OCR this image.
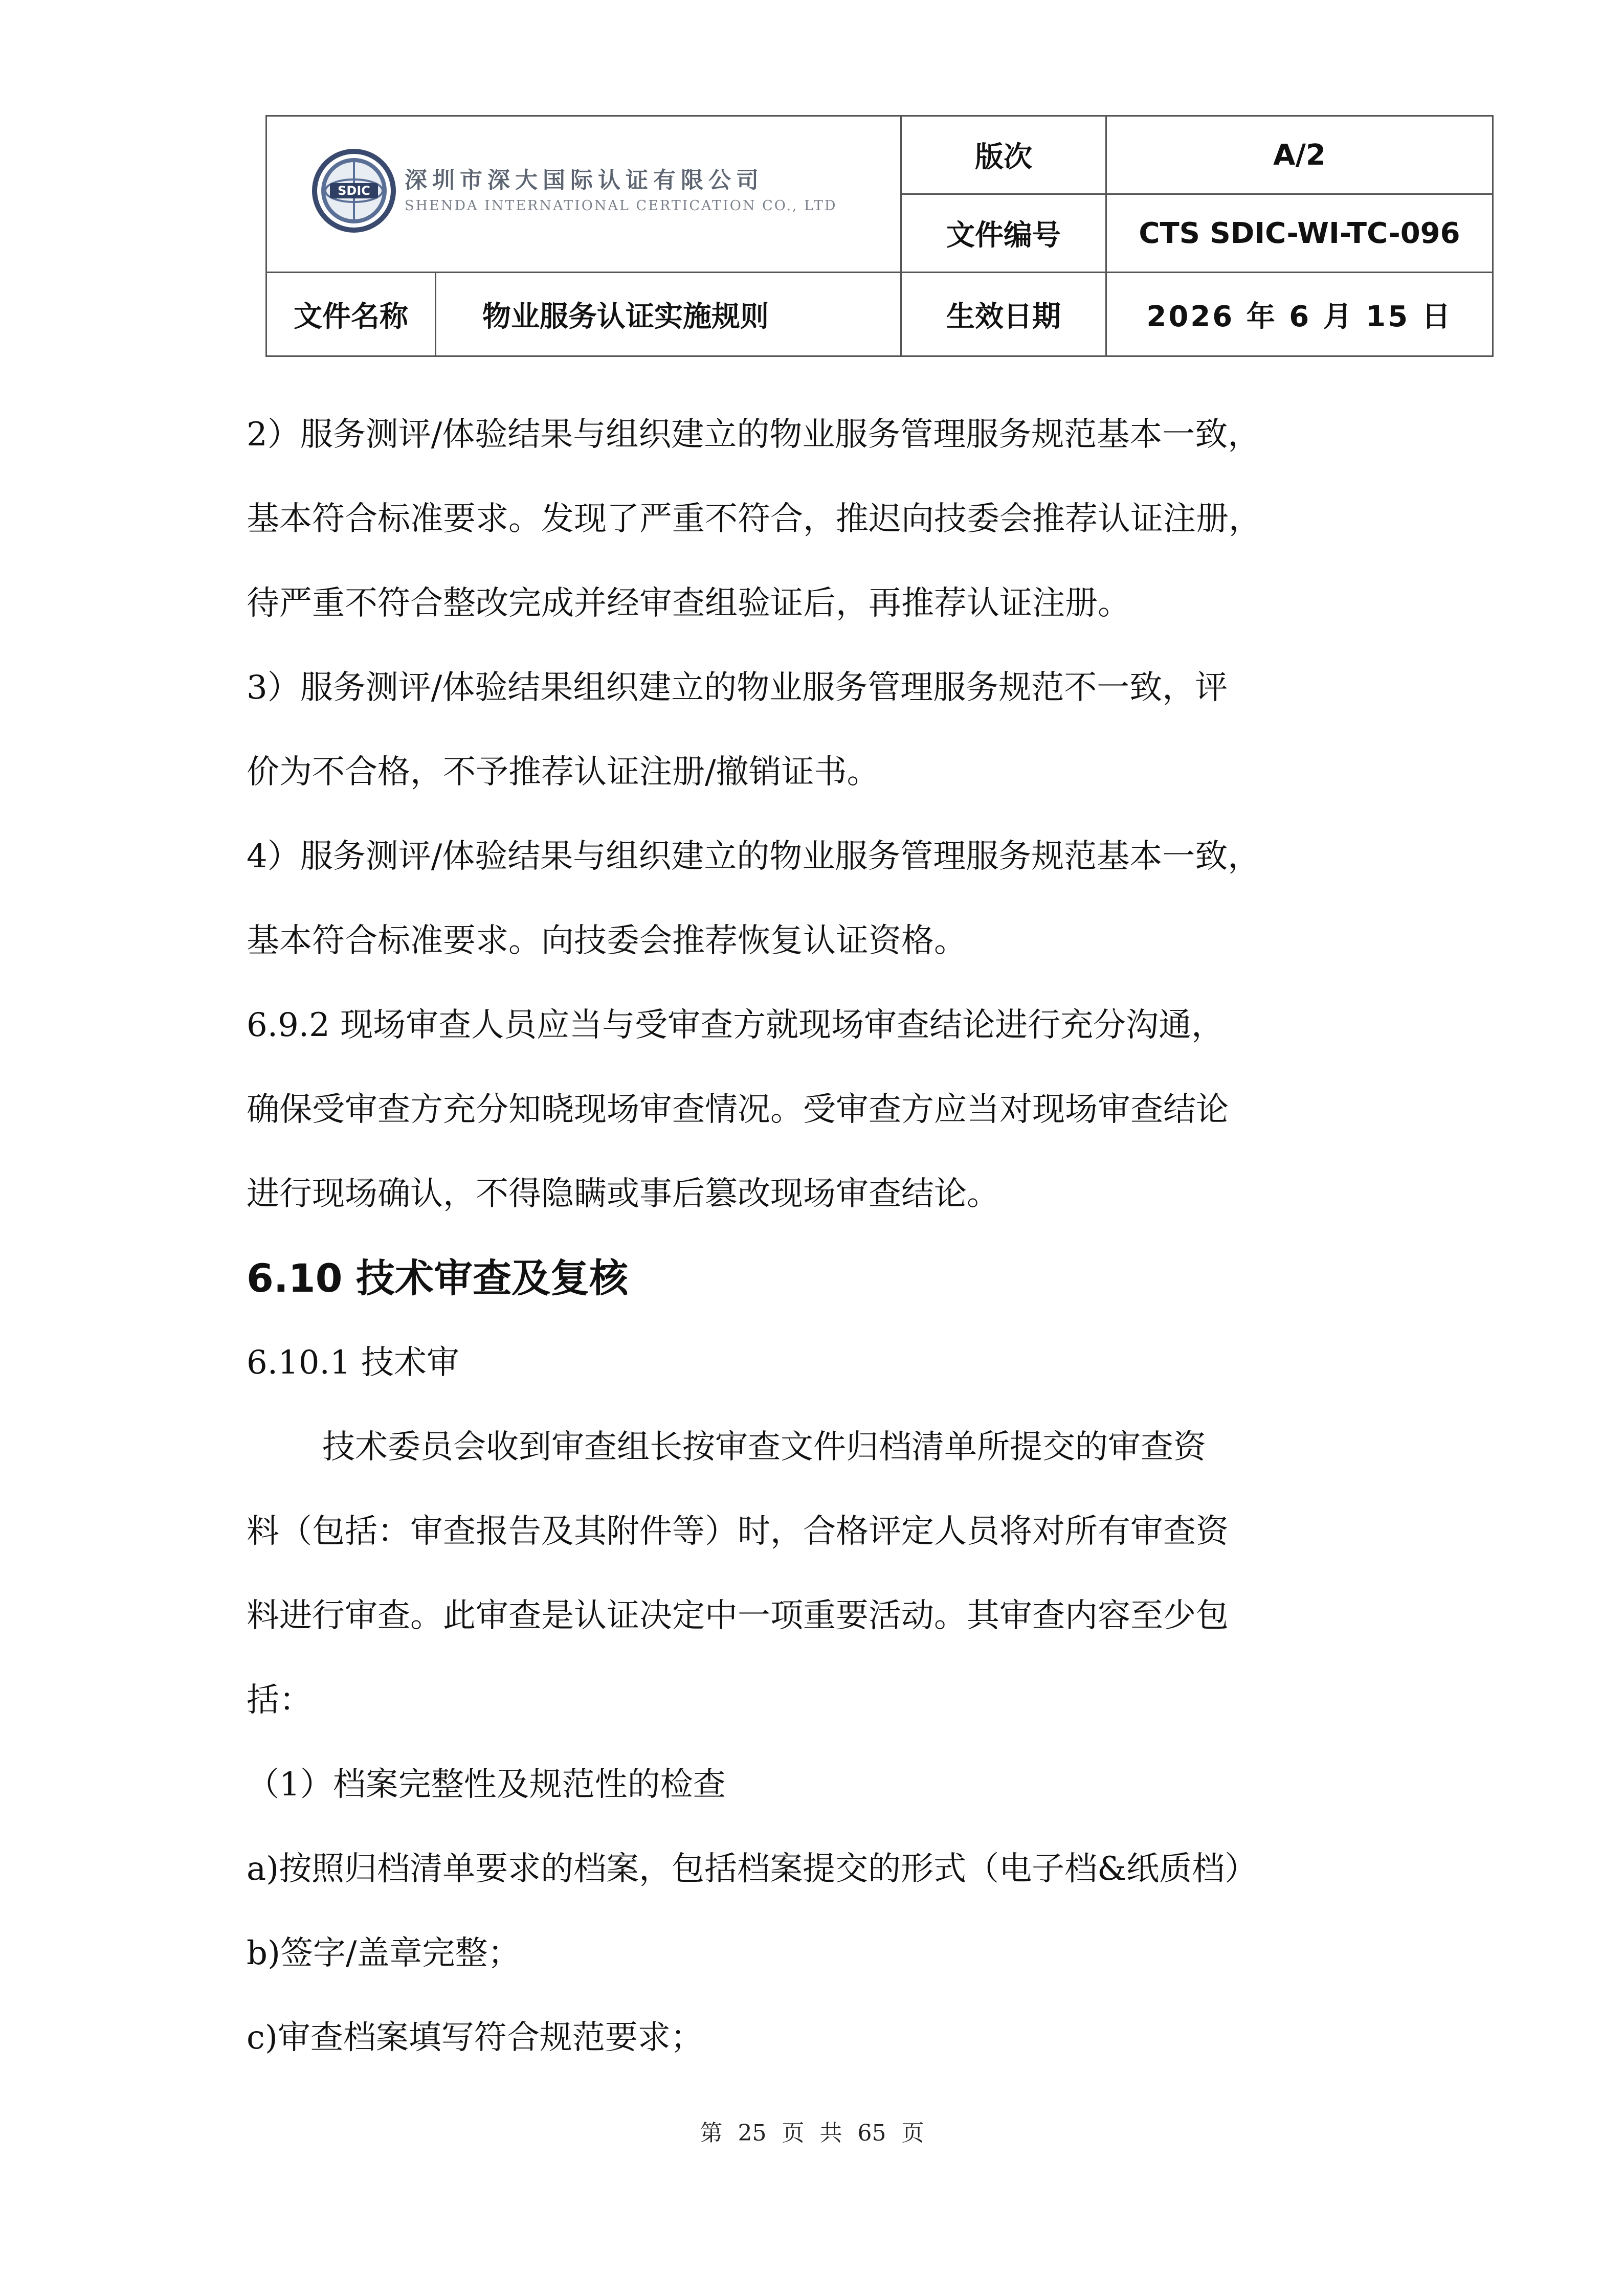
SDIC 深圳市深大国际认证有限公司
SHENDA INTERNATIONAL CERTICATION CO., LTD		版次	A/2
		文件编号	CTS SDIC-WI-TC-096
文件名称	物业服务认证实施规则	生效日期	2026 年 6 月 15 日

2）服务测评/体验结果与组织建立的物业服务管理服务规范基本一致，

基本符合标准要求。发现了严重不符合，推迟向技委会推荐认证注册，

待严重不符合整改完成并经审查组验证后，再推荐认证注册。

3）服务测评/体验结果组织建立的物业服务管理服务规范不一致，评

价为不合格，不予推荐认证注册/撤销证书。

4）服务测评/体验结果与组织建立的物业服务管理服务规范基本一致，

基本符合标准要求。向技委会推荐恢复认证资格。

6.9.2 现场审查人员应当与受审查方就现场审查结论进行充分沟通，

确保受审查方充分知晓现场审查情况。受审查方应当对现场审查结论

进行现场确认，不得隐瞒或事后篡改现场审查结论。

6.10 技术审查及复核

6.10.1 技术审

技术委员会收到审查组长按审查文件归档清单所提交的审查资

料（包括：审查报告及其附件等）时，合格评定人员将对所有审查资

料进行审查。此审查是认证决定中一项重要活动。其审查内容至少包

括：

（1）档案完整性及规范性的检查

a)按照归档清单要求的档案，包括档案提交的形式（电子档&纸质档）

b)签字/盖章完整；

c)审查档案填写符合规范要求；

第 25 页 共 65 页
